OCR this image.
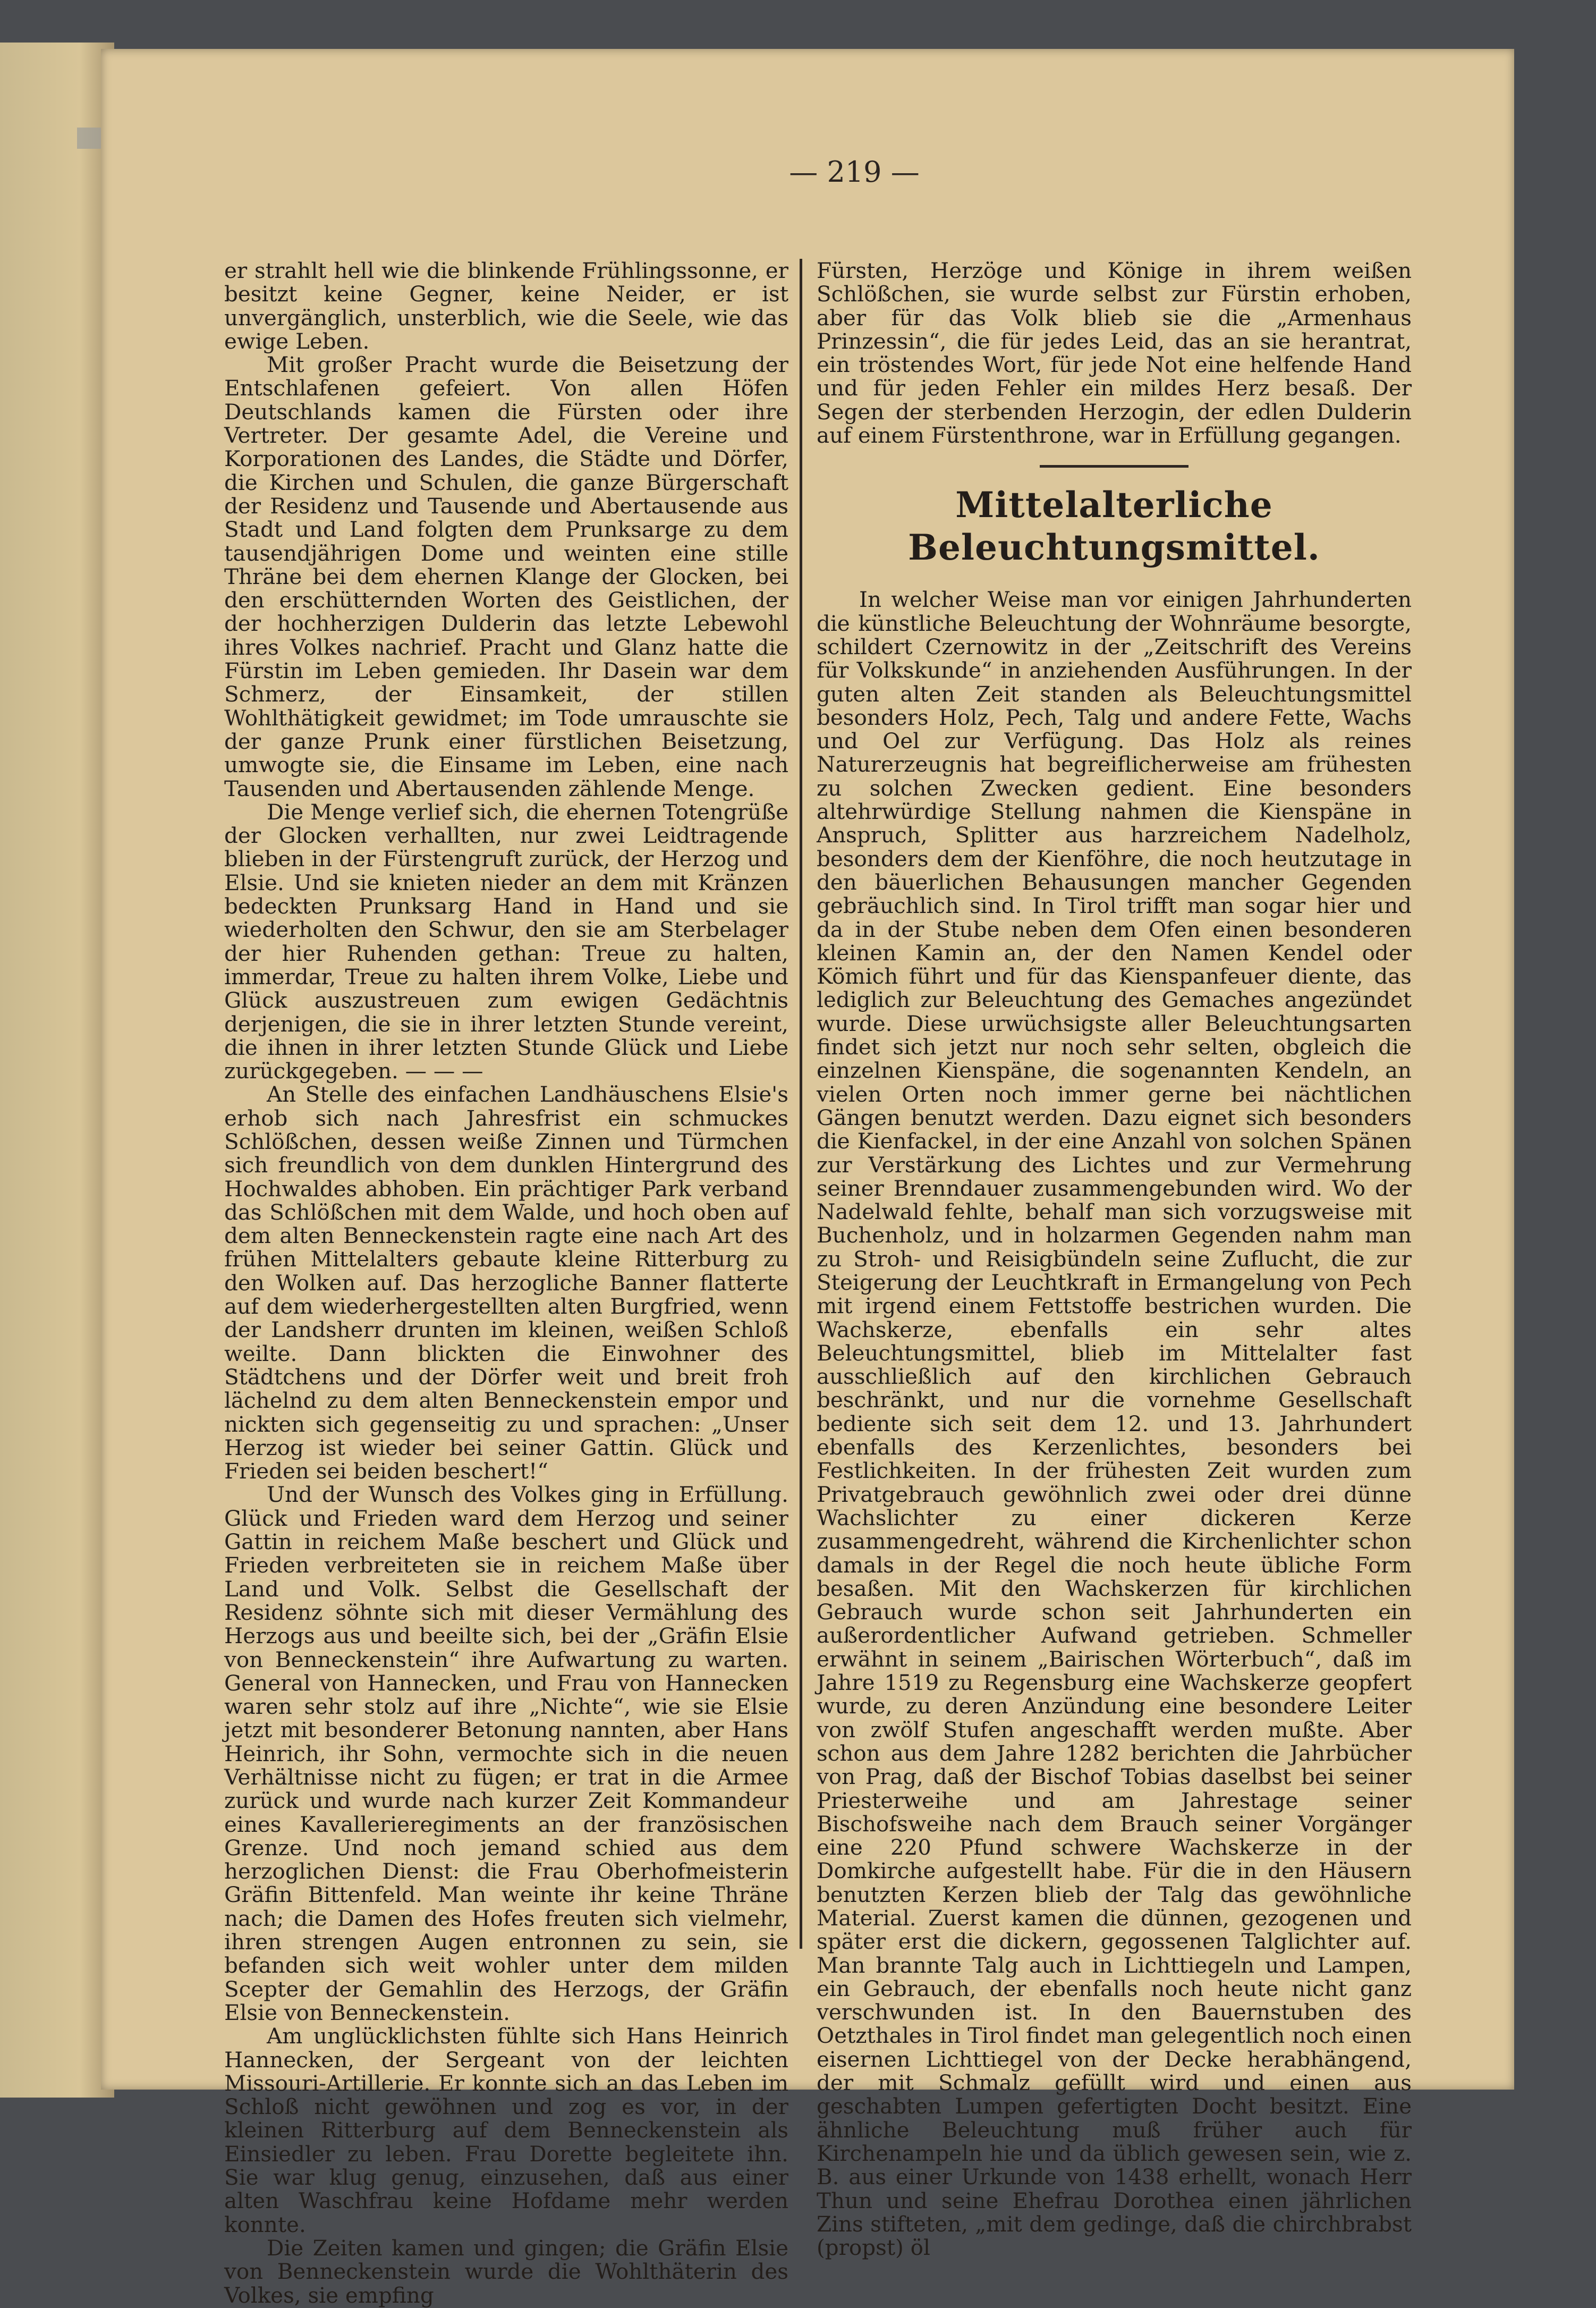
— 219 —

er strahlt hell wie die blinkende Frühlingssonne, er besitzt keine Gegner, keine Neider, er ist unvergänglich, unsterblich, wie die Seele, wie das ewige Leben.

Mit großer Pracht wurde die Beisetzung der Entschlafenen gefeiert. Von allen Höfen Deutschlands kamen die Fürsten oder ihre Vertreter. Der gesamte Adel, die Vereine und Korporationen des Landes, die Städte und Dörfer, die Kirchen und Schulen, die ganze Bürgerschaft der Residenz und Tausende und Abertausende aus Stadt und Land folgten dem Prunksarge zu dem tausendjährigen Dome und weinten eine stille Thräne bei dem ehernen Klange der Glocken, bei den erschütternden Worten des Geistlichen, der der hochherzigen Dulderin das letzte Lebewohl ihres Volkes nachrief. Pracht und Glanz hatte die Fürstin im Leben gemieden. Ihr Dasein war dem Schmerz, der Einsamkeit, der stillen Wohlthätigkeit gewidmet; im Tode umrauschte sie der ganze Prunk einer fürstlichen Beisetzung, umwogte sie, die Einsame im Leben, eine nach Tausenden und Abertausenden zählende Menge.

Die Menge verlief sich, die ehernen Totengrüße der Glocken verhallten, nur zwei Leidtragende blieben in der Fürstengruft zurück, der Herzog und Elsie. Und sie knieten nieder an dem mit Kränzen bedeckten Prunksarg Hand in Hand und sie wiederholten den Schwur, den sie am Sterbelager der hier Ruhenden gethan: Treue zu halten, immerdar, Treue zu halten ihrem Volke, Liebe und Glück auszustreuen zum ewigen Gedächtnis derjenigen, die sie in ihrer letzten Stunde vereint, die ihnen in ihrer letzten Stunde Glück und Liebe zurückgegeben. — — —

An Stelle des einfachen Landhäuschens Elsie's erhob sich nach Jahresfrist ein schmuckes Schlößchen, dessen weiße Zinnen und Türmchen sich freundlich von dem dunklen Hintergrund des Hochwaldes abhoben. Ein prächtiger Park verband das Schlößchen mit dem Walde, und hoch oben auf dem alten Benneckenstein ragte eine nach Art des frühen Mittelalters gebaute kleine Ritterburg zu den Wolken auf. Das herzogliche Banner flatterte auf dem wiederhergestellten alten Burgfried, wenn der Landsherr drunten im kleinen, weißen Schloß weilte. Dann blickten die Einwohner des Städtchens und der Dörfer weit und breit froh lächelnd zu dem alten Benneckenstein empor und nickten sich gegenseitig zu und sprachen: „Unser Herzog ist wieder bei seiner Gattin. Glück und Frieden sei beiden beschert!“

Und der Wunsch des Volkes ging in Erfüllung. Glück und Frieden ward dem Herzog und seiner Gattin in reichem Maße beschert und Glück und Frieden verbreiteten sie in reichem Maße über Land und Volk. Selbst die Gesellschaft der Residenz söhnte sich mit dieser Vermählung des Herzogs aus und beeilte sich, bei der „Gräfin Elsie von Benneckenstein“ ihre Aufwartung zu warten. General von Hannecken, und Frau von Hannecken waren sehr stolz auf ihre „Nichte“, wie sie Elsie jetzt mit besonderer Betonung nannten, aber Hans Heinrich, ihr Sohn, vermochte sich in die neuen Verhältnisse nicht zu fügen; er trat in die Armee zurück und wurde nach kurzer Zeit Kommandeur eines Kavallerieregiments an der französischen Grenze. Und noch jemand schied aus dem herzoglichen Dienst: die Frau Oberhofmeisterin Gräfin Bittenfeld. Man weinte ihr keine Thräne nach; die Damen des Hofes freuten sich vielmehr, ihren strengen Augen entronnen zu sein, sie befanden sich weit wohler unter dem milden Scepter der Gemahlin des Herzogs, der Gräfin Elsie von Benneckenstein.

Am unglücklichsten fühlte sich Hans Heinrich Hannecken, der Sergeant von der leichten Missouri-Artillerie. Er konnte sich an das Leben im Schloß nicht gewöhnen und zog es vor, in der kleinen Ritterburg auf dem Benneckenstein als Einsiedler zu leben. Frau Dorette begleitete ihn. Sie war klug genug, einzusehen, daß aus einer alten Waschfrau keine Hofdame mehr werden konnte.

Die Zeiten kamen und gingen; die Gräfin Elsie von Benneckenstein wurde die Wohlthäterin des Volkes, sie empfing

Fürsten, Herzöge und Könige in ihrem weißen Schlößchen, sie wurde selbst zur Fürstin erhoben, aber für das Volk blieb sie die „Armenhaus Prinzessin“, die für jedes Leid, das an sie herantrat, ein tröstendes Wort, für jede Not eine helfende Hand und für jeden Fehler ein mildes Herz besaß. Der Segen der sterbenden Herzogin, der edlen Dulderin auf einem Fürstenthrone, war in Erfüllung gegangen.

Mittelalterliche Beleuchtungsmittel.

In welcher Weise man vor einigen Jahrhunderten die künstliche Beleuchtung der Wohnräume besorgte, schildert Czernowitz in der „Zeitschrift des Vereins für Volkskunde“ in anziehenden Ausführungen. In der guten alten Zeit standen als Beleuchtungsmittel besonders Holz, Pech, Talg und andere Fette, Wachs und Oel zur Verfügung. Das Holz als reines Naturerzeugnis hat begreiflicherweise am frühesten zu solchen Zwecken gedient. Eine besonders altehrwürdige Stellung nahmen die Kienspäne in Anspruch, Splitter aus harzreichem Nadelholz, besonders dem der Kienföhre, die noch heutzutage in den bäuerlichen Behausungen mancher Gegenden gebräuchlich sind. In Tirol trifft man sogar hier und da in der Stube neben dem Ofen einen besonderen kleinen Kamin an, der den Namen Kendel oder Kömich führt und für das Kienspanfeuer diente, das lediglich zur Beleuchtung des Gemaches angezündet wurde. Diese urwüchsigste aller Beleuchtungsarten findet sich jetzt nur noch sehr selten, obgleich die einzelnen Kienspäne, die sogenannten Kendeln, an vielen Orten noch immer gerne bei nächtlichen Gängen benutzt werden. Dazu eignet sich besonders die Kienfackel, in der eine Anzahl von solchen Spänen zur Verstärkung des Lichtes und zur Vermehrung seiner Brenndauer zusammengebunden wird. Wo der Nadelwald fehlte, behalf man sich vorzugsweise mit Buchenholz, und in holzarmen Gegenden nahm man zu Stroh- und Reisigbündeln seine Zuflucht, die zur Steigerung der Leuchtkraft in Ermangelung von Pech mit irgend einem Fettstoffe bestrichen wurden. Die Wachskerze, ebenfalls ein sehr altes Beleuchtungsmittel, blieb im Mittelalter fast ausschließlich auf den kirchlichen Gebrauch beschränkt, und nur die vornehme Gesellschaft bediente sich seit dem 12. und 13. Jahrhundert ebenfalls des Kerzenlichtes, besonders bei Festlichkeiten. In der frühesten Zeit wurden zum Privatgebrauch gewöhnlich zwei oder drei dünne Wachslichter zu einer dickeren Kerze zusammengedreht, während die Kirchenlichter schon damals in der Regel die noch heute übliche Form besaßen. Mit den Wachskerzen für kirchlichen Gebrauch wurde schon seit Jahrhunderten ein außerordentlicher Aufwand getrieben. Schmeller erwähnt in seinem „Bairischen Wörterbuch“, daß im Jahre 1519 zu Regensburg eine Wachskerze geopfert wurde, zu deren Anzündung eine besondere Leiter von zwölf Stufen angeschafft werden mußte. Aber schon aus dem Jahre 1282 berichten die Jahrbücher von Prag, daß der Bischof Tobias daselbst bei seiner Priesterweihe und am Jahrestage seiner Bischofsweihe nach dem Brauch seiner Vorgänger eine 220 Pfund schwere Wachskerze in der Domkirche aufgestellt habe. Für die in den Häusern benutzten Kerzen blieb der Talg das gewöhnliche Material. Zuerst kamen die dünnen, gezogenen und später erst die dickern, gegossenen Talglichter auf. Man brannte Talg auch in Lichttiegeln und Lampen, ein Gebrauch, der ebenfalls noch heute nicht ganz verschwunden ist. In den Bauernstuben des Oetzthales in Tirol findet man gelegentlich noch einen eisernen Lichttiegel von der Decke herabhängend, der mit Schmalz gefüllt wird und einen aus geschabten Lumpen gefertigten Docht besitzt. Eine ähnliche Beleuchtung muß früher auch für Kirchenampeln hie und da üblich gewesen sein, wie z. B. aus einer Urkunde von 1438 erhellt, wonach Herr Thun und seine Ehefrau Dorothea einen jährlichen Zins stifteten, „mit dem gedinge, daß die chirchbrabst (propst) öl
